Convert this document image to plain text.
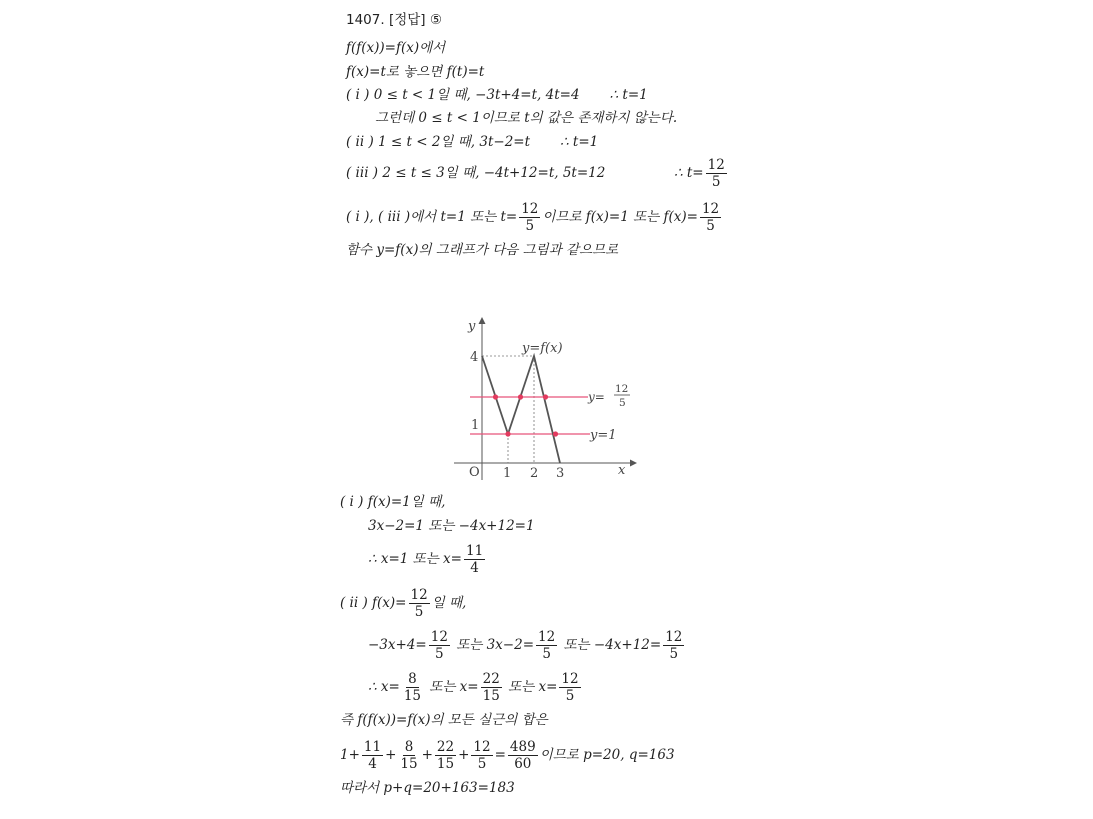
1407. [정답] ⑤
f(f(x))=f(x)에서
f(x)=t로 놓으면 f(t)=t
( i ) 0 ≤ t < 1일 때, −3t+4=t, 4t=4 ∴ t=1
그런데 0 ≤ t < 1이므로 t의 값은 존재하지 않는다.
( ii ) 1 ≤ t < 2일 때, 3t−2=t ∴ t=1
( iii ) 2 ≤ t ≤ 3일 때, −4t+12=t, 5t=12	∴ $t= \frac{12}{5}$
( i ), ( iii )에서 t=1 또는 $t= \frac{12}{5}$ 이므로 f(x)=1 또는 $f(x)= \frac{12}{5}$
함수 y=f(x)의 그래프가 다음 그림과 같으므로
y
x
O
4
1
1 2 3
y=f(x)
y=1
y=
12
5
( i ) f(x)=1일 때,
3x−2=1 또는 −4x+12=1
∴ x=1 또는 $x= \frac{11}{4}$
( ii ) $f(x)= \frac{12}{5}$ 일 때,
$-3x+4= \frac{12}{5}$ 또는 $3x-2= \frac{12}{5}$ 또는 $-4x+12= \frac{12}{5}$
∴ $x= \frac{8}{15}$ 또는 $x= \frac{22}{15}$ 또는 $x= \frac{12}{5}$
즉 f(f(x))=f(x)의 모든 실근의 합은
$1+ \frac{11}{4} + \frac{8}{15} + \frac{22}{15} + \frac{12}{5} = \frac{489}{60}$ 이므로 p=20, q=163
따라서 p+q=20+163=183
